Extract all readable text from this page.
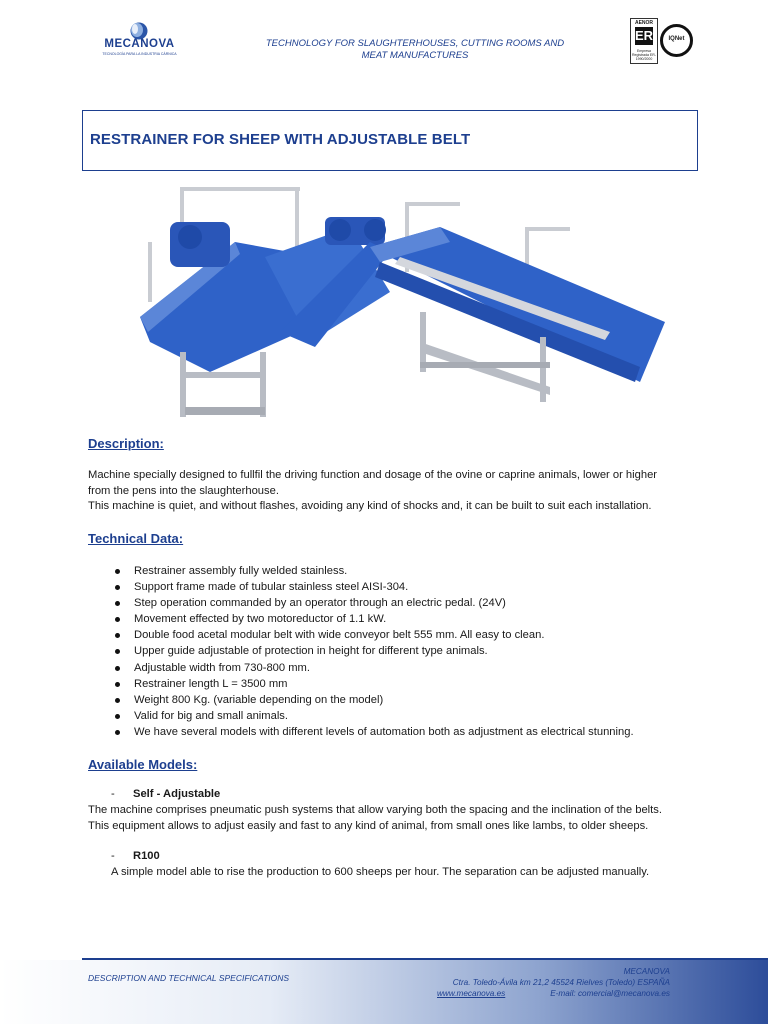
MECANOVA
TECNOLOGÍA PARA LA INDUSTRIA CÁRNICA
TECHNOLOGY FOR SLAUGHTERHOUSES, CUTTING ROOMS AND
MEAT MANUFACTURES
AENOR
ER
Empresa Registrada ER-1990/2000
IQNet
RESTRAINER FOR SHEEP WITH ADJUSTABLE BELT
Description:
Machine specially designed to fullfil the driving function and dosage of the ovine or caprine animals, lower or higher
from the pens into the slaughterhouse.
This machine is quiet, and without flashes, avoiding any kind of shocks and, it can be built to suit each installation.
Technical Data:
Restrainer assembly fully welded stainless.
Support frame made of tubular stainless steel AISI-304.
Step operation commanded by an operator through an electric pedal. (24V)
Movement effected by two motoreductor of 1.1 kW.
Double food acetal modular belt with wide conveyor belt 555 mm. All easy to clean.
Upper guide adjustable of protection in height for different type animals.
Adjustable width from 730-800 mm.
Restrainer length L = 3500 mm
Weight 800 Kg. (variable depending on the model)
Valid for big and small animals.
We have several models with different levels of automation both as adjustment as electrical stunning.
Available Models:
- Self - Adjustable
The machine comprises pneumatic push systems that allow varying both the spacing and the inclination of the belts.
This equipment allows to adjust easily and fast to any kind of animal, from small ones like lambs, to older sheeps.
- R100
A simple model able to rise the production to 600 sheeps per hour. The separation can be adjusted manually.
DESCRIPTION AND TECHNICAL SPECIFICATIONS
MECANOVA
Ctra. Toledo-Ávila km 21,2 45524 Rielves (Toledo) ESPAÑA
www.mecanova.es	E-mail: comercial@mecanova.es
